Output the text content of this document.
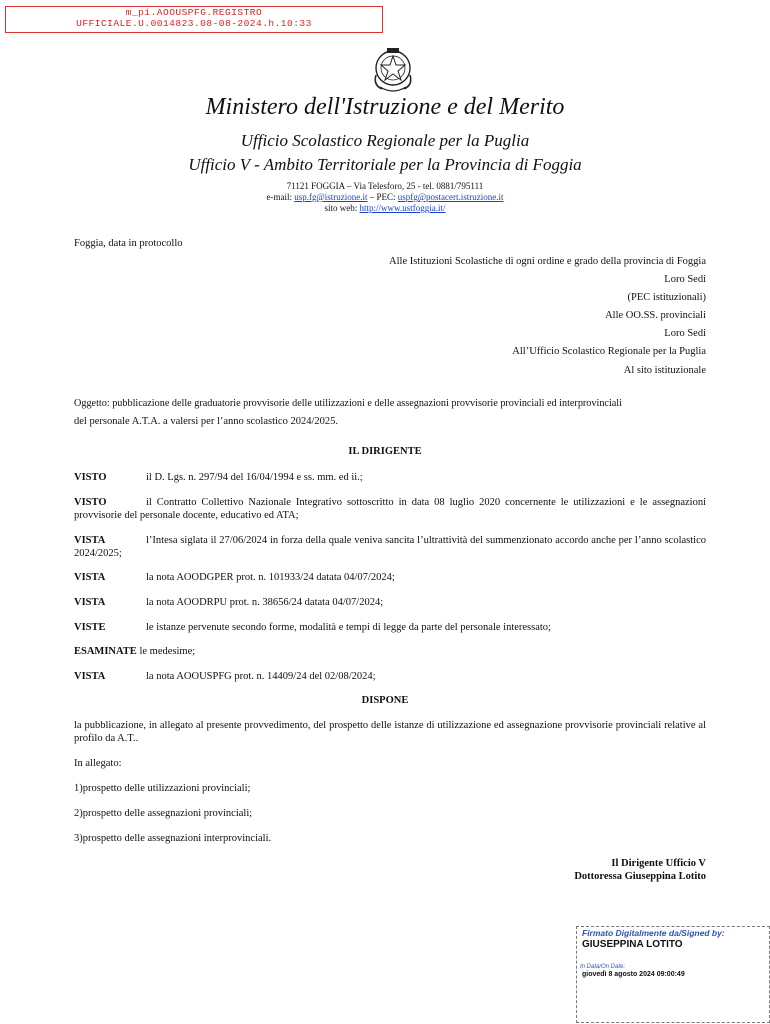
m_pi.AOOUSPFG.REGISTRO
UFFICIALE.U.0014823.08-08-2024.h.10:33
Ministero dell'Istruzione e del Merito
Ufficio Scolastico Regionale per la Puglia
Ufficio V - Ambito Territoriale per la Provincia di Foggia
71121 FOGGIA – Via Telesforo, 25 - tel. 0881/795111
e-mail: usp.fg@istruzione.it – PEC: uspfg@postacert.istruzione.it
sito web: http://www.ustfoggia.it/
Foggia, data in protocollo
Alle Istituzioni Scolastiche di ogni ordine e grado della provincia di Foggia
Loro Sedi
(PEC istituzionali)
Alle OO.SS. provinciali
Loro Sedi
All’Ufficio Scolastico Regionale per la Puglia
Al sito istituzionale
Oggetto: pubblicazione delle graduatorie provvisorie delle utilizzazioni e delle assegnazioni provvisorie provinciali ed interprovinciali
del personale A.T.A. a valersi per l’anno scolastico 2024/2025.
IL DIRIGENTE
VISTO	il D. Lgs. n. 297/94 del 16/04/1994 e ss. mm. ed ii.;
VISTO	il Contratto Collettivo Nazionale Integrativo sottoscritto in data 08 luglio 2020 concernente le utilizzazioni e le assegnazioni provvisorie del personale docente, educativo ed ATA;
VISTA	l’Intesa siglata il 27/06/2024 in forza della quale veniva sancita l’ultrattività del summenzionato accordo anche per l’anno scolastico 2024/2025;
VISTA	la nota AOODGPER prot. n. 101933/24 datata 04/07/2024;
VISTA	la nota AOODRPU prot. n. 38656/24 datata 04/07/2024;
VISTE	le istanze pervenute secondo forme, modalità e tempi di legge da parte del personale interessato;
ESAMINATE le medesime;
VISTA	la nota AOOUSPFG prot. n. 14409/24 del 02/08/2024;
DISPONE
la pubblicazione, in allegato al presente provvedimento, del prospetto delle istanze di utilizzazione ed assegnazione provvisorie provinciali relative al profilo da A.T..
In allegato:
1)prospetto delle utilizzazioni provinciali;
2)prospetto delle assegnazioni provinciali;
3)prospetto delle assegnazioni interprovinciali.
Il Dirigente Ufficio V
Dottoressa Giuseppina Lotito
Firmato Digitalmente da/Signed by:
GIUSEPPINA LOTITO
In Data/On Date:
giovedì 8 agosto 2024 09:00:49
